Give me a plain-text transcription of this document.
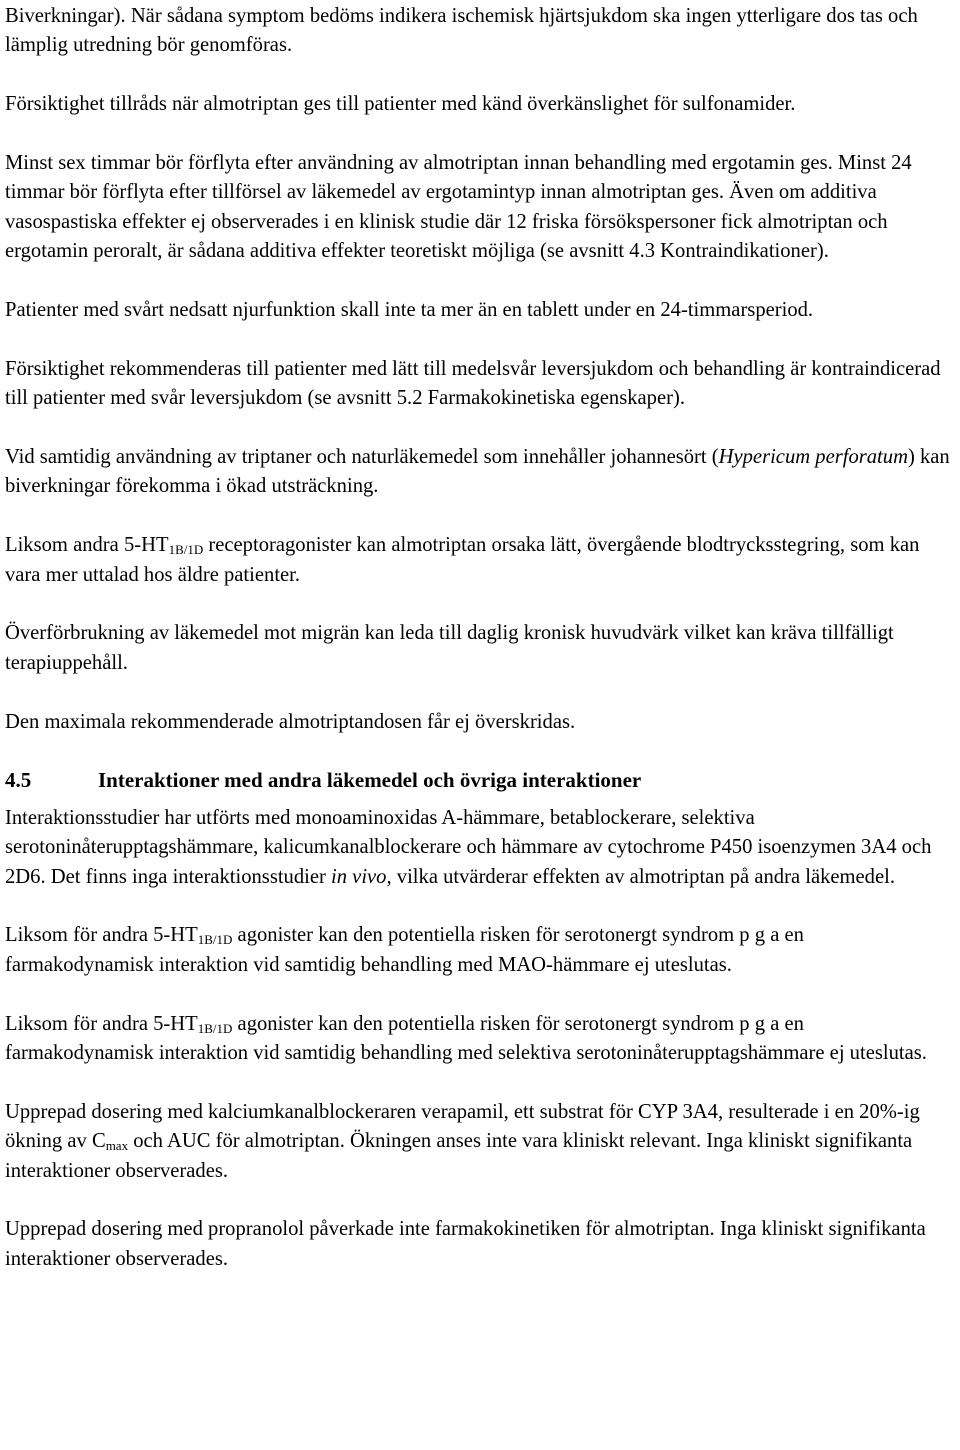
Biverkningar). När sådana symptom bedöms indikera ischemisk hjärtsjukdom ska ingen ytterligare dos tas och lämplig utredning bör genomföras.

Försiktighet tillråds när almotriptan ges till patienter med känd överkänslighet för sulfonamider.

Minst sex timmar bör förflyta efter användning av almotriptan innan behandling med ergotamin ges. Minst 24 timmar bör förflyta efter tillförsel av läkemedel av ergotamintyp innan almotriptan ges. Även om additiva vasospastiska effekter ej observerades i en klinisk studie där 12 friska försökspersoner fick almotriptan och ergotamin peroralt, är sådana additiva effekter teoretiskt möjliga (se avsnitt 4.3 Kontraindikationer).

Patienter med svårt nedsatt njurfunktion skall inte ta mer än en tablett under en 24-timmarsperiod.

Försiktighet rekommenderas till patienter med lätt till medelsvår leversjukdom och behandling är kontraindicerad till patienter med svår leversjukdom (se avsnitt 5.2 Farmakokinetiska egenskaper).

Vid samtidig användning av triptaner och naturläkemedel som innehåller johannesört (Hypericum perforatum) kan biverkningar förekomma i ökad utsträckning.

Liksom andra $5-HT_{1B/1D}$ receptoragonister kan almotriptan orsaka lätt, övergående blodtrycksstegring, som kan vara mer uttalad hos äldre patienter.

Överförbrukning av läkemedel mot migrän kan leda till daglig kronisk huvudvärk vilket kan kräva tillfälligt terapiuppehåll.

Den maximala rekommenderade almotriptandosen får ej överskridas.

4.5	Interaktioner med andra läkemedel och övriga interaktioner

Interaktionsstudier har utförts med monoaminoxidas A-hämmare, betablockerare, selektiva serotoninåterupptagshämmare, kalicumkanalblockerare och hämmare av cytochrome P450 isoenzymen 3A4 och 2D6. Det finns inga interaktionsstudier in vivo, vilka utvärderar effekten av almotriptan på andra läkemedel.

Liksom för andra $5-HT_{1B/1D}$ agonister kan den potentiella risken för serotonergt syndrom p g a en farmakodynamisk interaktion vid samtidig behandling med MAO-hämmare ej uteslutas.

Liksom för andra $5-HT_{1B/1D}$ agonister kan den potentiella risken för serotonergt syndrom p g a en farmakodynamisk interaktion vid samtidig behandling med selektiva serotoninåterupptagshämmare ej uteslutas.

Upprepad dosering med kalciumkanalblockeraren verapamil, ett substrat för CYP 3A4, resulterade i en 20%-ig ökning av $C_{max}$ och AUC för almotriptan. Ökningen anses inte vara kliniskt relevant. Inga kliniskt signifikanta interaktioner observerades.

Upprepad dosering med propranolol påverkade inte farmakokinetiken för almotriptan. Inga kliniskt signifikanta interaktioner observerades.
